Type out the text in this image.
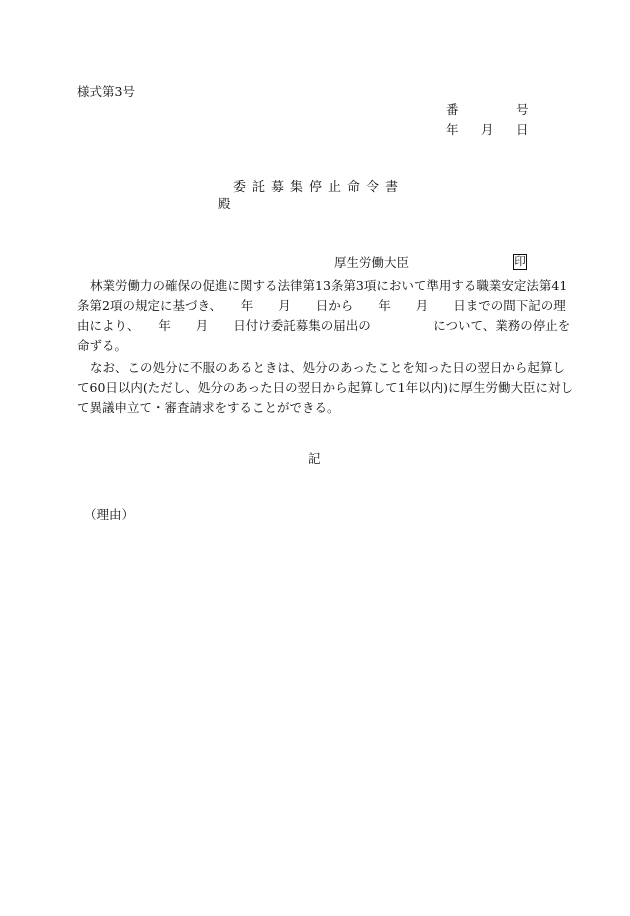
様式第3号
番	号
年 月 日
委託募集停止命令書
殿
厚生労働大臣	印
林業労働力の確保の促進に関する法律第13条第3項において準用する職業安定法第41
条第2項の規定に基づき、　　年　　月　　日から　　年　　月　　日までの間下記の理
由により、　　年　　月　　日付け委託募集の届出の　　　　　について、業務の停止を
命ずる。
なお、この処分に不服のあるときは、処分のあったことを知った日の翌日から起算し
て60日以内(ただし、処分のあった日の翌日から起算して1年以内)に厚生労働大臣に対し
て異議申立て・審査請求をすることができる。
記
（理由）
